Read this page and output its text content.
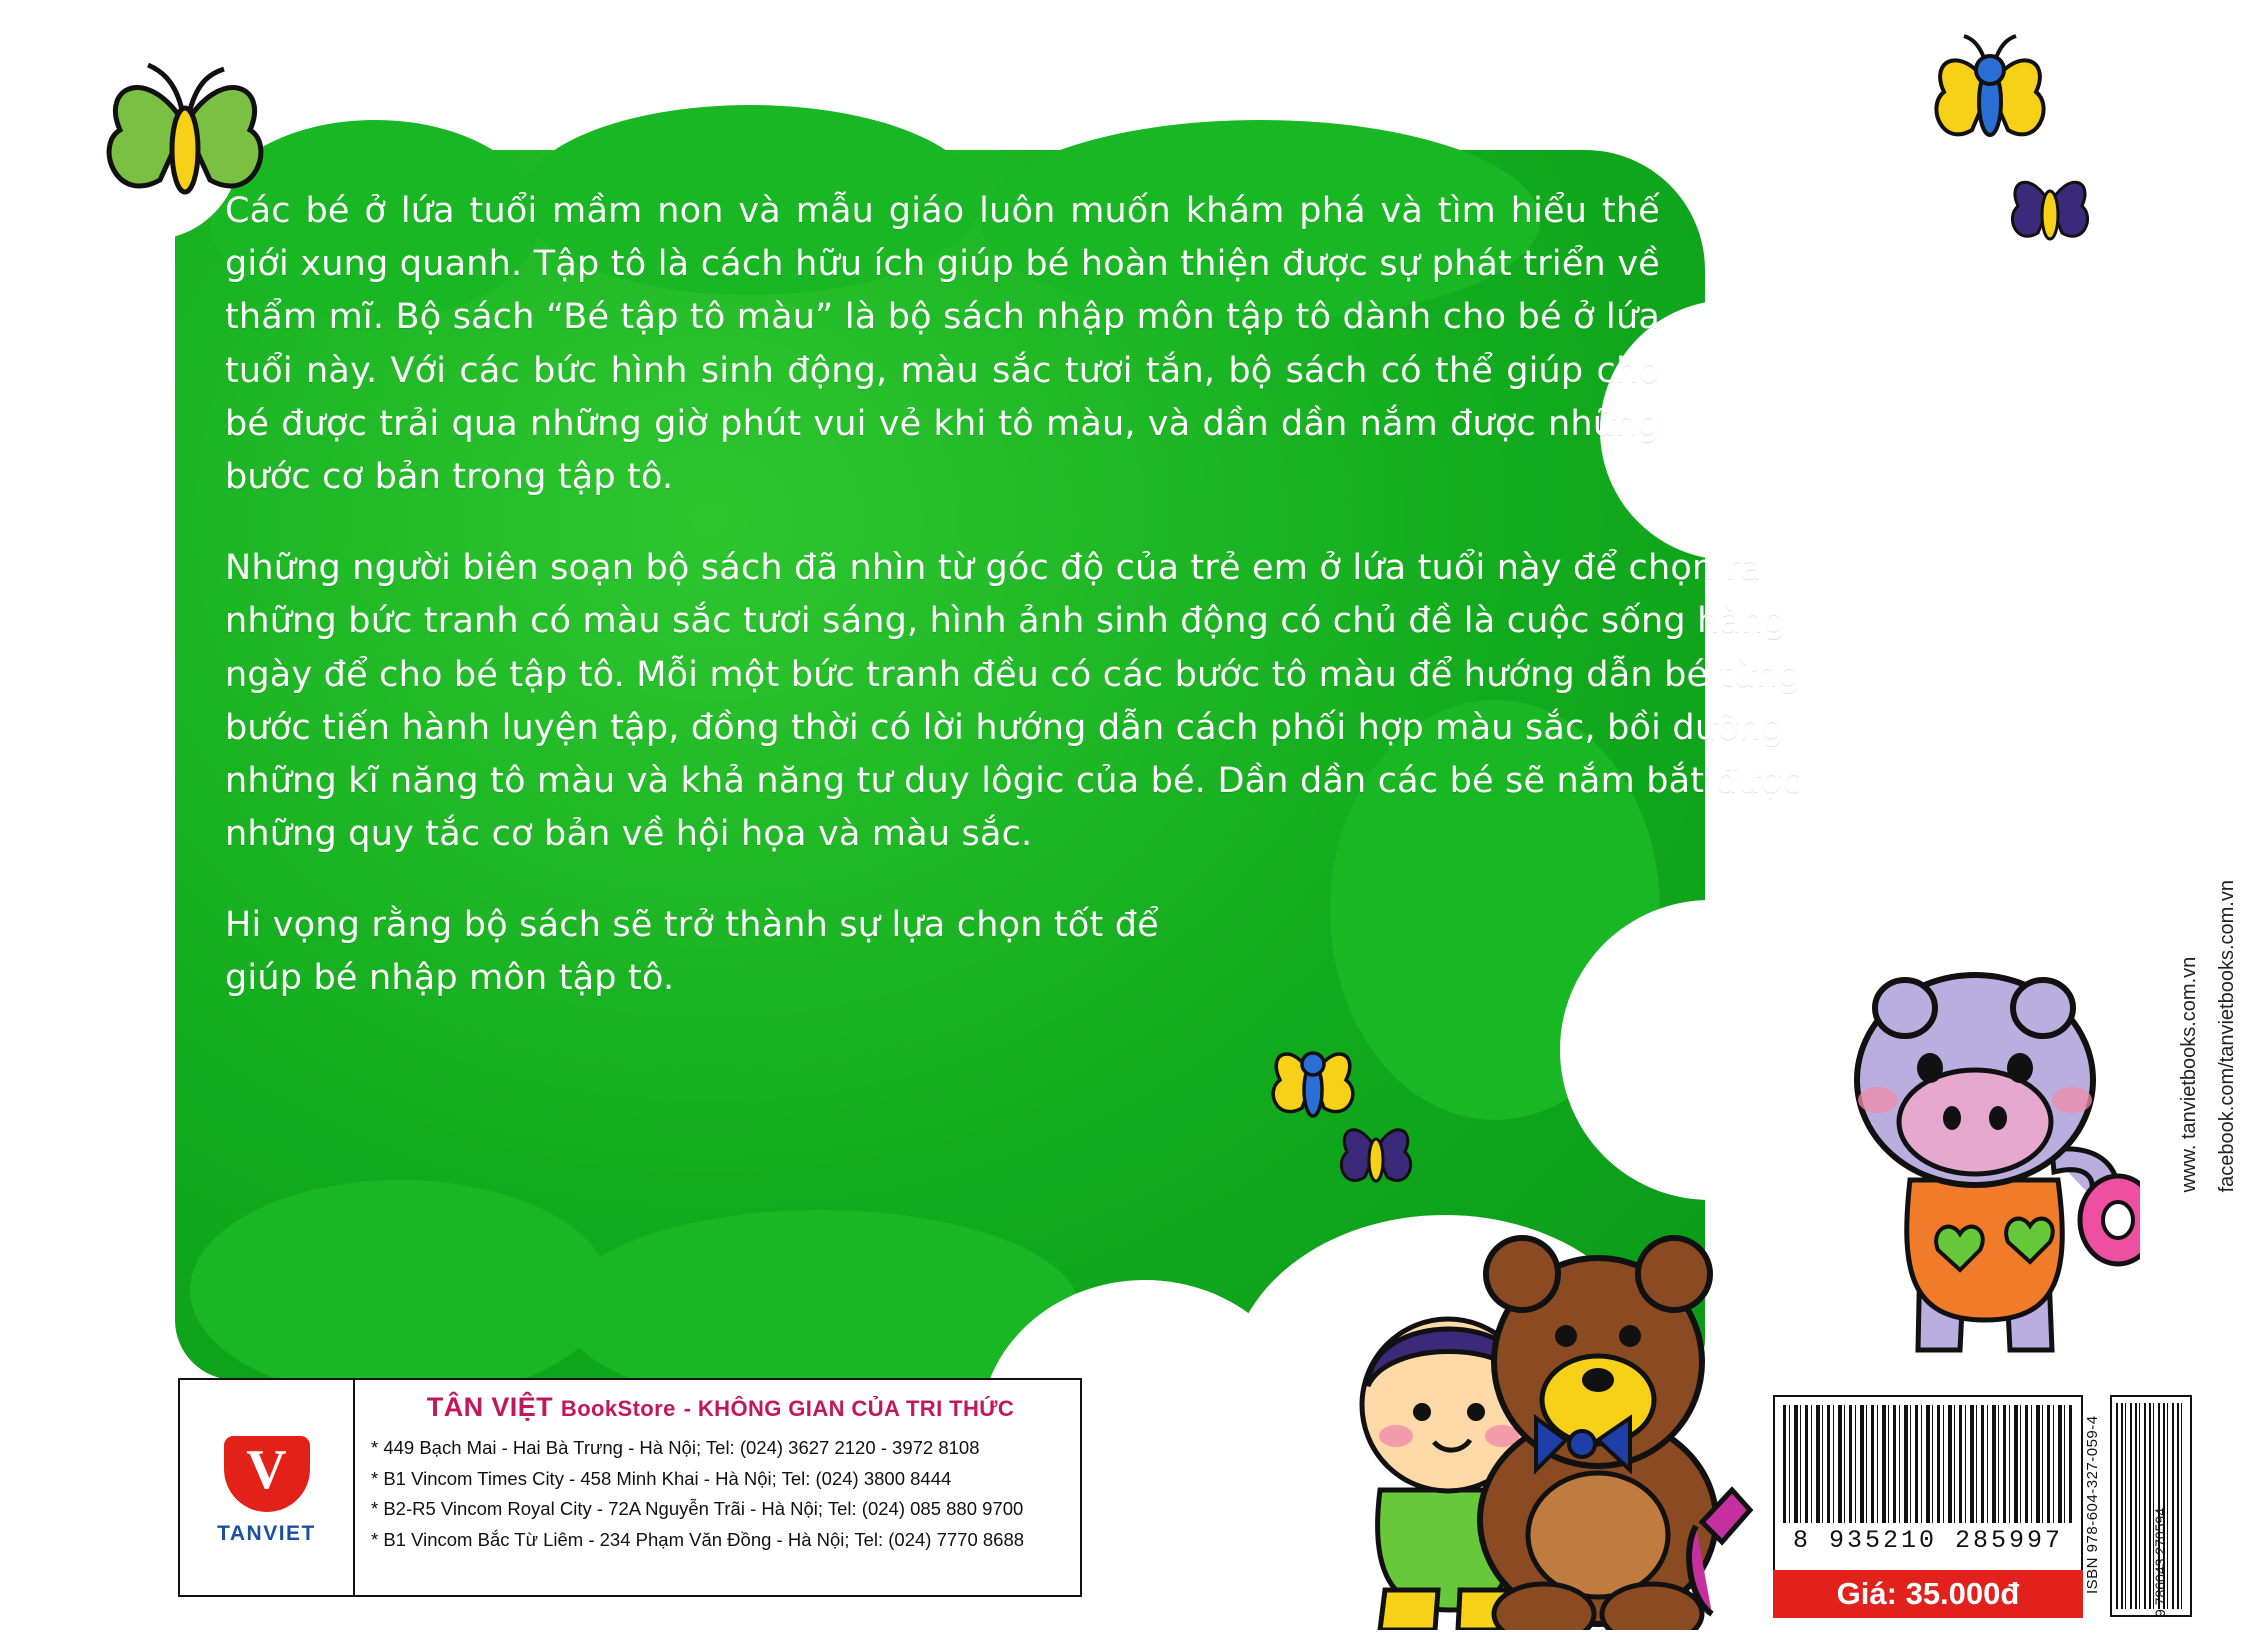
Các bé ở lứa tuổi mầm non và mẫu giáo luôn muốn khám phá và tìm hiểu thế giới xung quanh. Tập tô là cách hữu ích giúp bé hoàn thiện được sự phát triển về thẩm mĩ. Bộ sách “Bé tập tô màu” là bộ sách nhập môn tập tô dành cho bé ở lứa tuổi này. Với các bức hình sinh động, màu sắc tươi tắn, bộ sách có thể giúp cho bé được trải qua những giờ phút vui vẻ khi tô màu, và dần dần nắm được những bước cơ bản trong tập tô.

Những người biên soạn bộ sách đã nhìn từ góc độ của trẻ em ở lứa tuổi này để chọn ra những bức tranh có màu sắc tươi sáng, hình ảnh sinh động có chủ đề là cuộc sống hàng ngày để cho bé tập tô. Mỗi một bức tranh đều có các bước tô màu để hướng dẫn bé từng bước tiến hành luyện tập, đồng thời có lời hướng dẫn cách phối hợp màu sắc, bồi dưỡng những kĩ năng tô màu và khả năng tư duy lôgic của bé. Dần dần các bé sẽ nắm bắt được những quy tắc cơ bản về hội họa và màu sắc.

Hi vọng rằng bộ sách sẽ trở thành sự lựa chọn tốt để giúp bé nhập môn tập tô.

V
TANVIET
TÂN VIỆT BookStore - KHÔNG GIAN CỦA TRI THỨC
* 449 Bạch Mai - Hai Bà Trưng - Hà Nội; Tel: (024) 3627 2120 - 3972 8108
* B1 Vincom Times City - 458 Minh Khai - Hà Nội; Tel: (024) 3800 8444
* B2-R5 Vincom Royal City - 72A Nguyễn Trãi - Hà Nội; Tel: (024) 085 880 9700
* B1 Vincom Bắc Từ Liêm - 234 Phạm Văn Đồng - Hà Nội; Tel: (024) 7770 8688	8 935210 285997
Giá: 35.000đ	ISBN 978-604-327-059-4	9 786043 270594
www. tanvietbooks.com.vn facebook.com/tanvietbooks.com.vn
